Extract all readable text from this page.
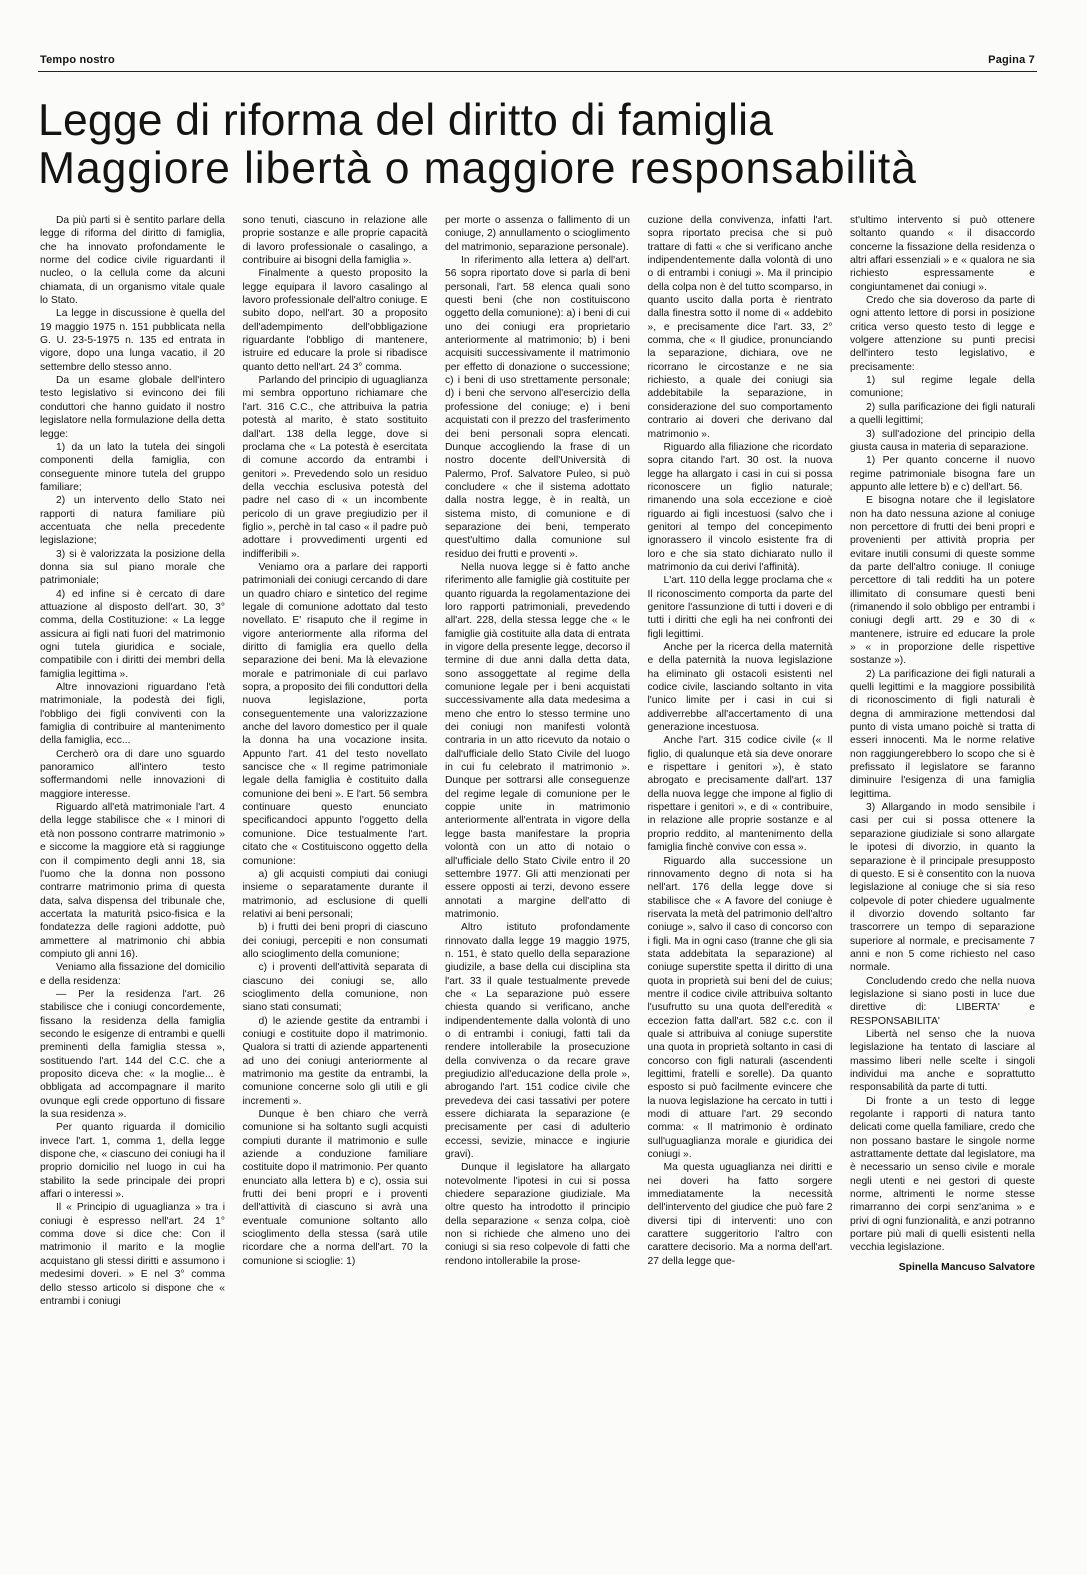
Tempo nostro	Pagina 7
Legge di riforma del diritto di famiglia
Maggiore libertà o maggiore responsabilità

Da più parti si è sentito parlare della legge di riforma del diritto di famiglia, che ha innovato profondamente le norme del codice civile riguardanti il nucleo, o la cellula come da alcuni chiamata, di un organismo vitale quale lo Stato.

La legge in discussione è quella del 19 maggio 1975 n. 151 pubblicata nella G. U. 23-5-1975 n. 135 ed entrata in vigore, dopo una lunga vacatio, il 20 settembre dello stesso anno.

Da un esame globale dell'intero testo legislativo si evincono dei fili conduttori che hanno guidato il nostro legislatore nella formulazione della detta legge:

1) da un lato la tutela dei singoli componenti della famiglia, con conseguente minore tutela del gruppo familiare;

2) un intervento dello Stato nei rapporti di natura familiare più accentuata che nella precedente legislazione;

3) si è valorizzata la posizione della donna sia sul piano morale che patrimoniale;

4) ed infine si è cercato di dare attuazione al disposto dell'art. 30, 3° comma, della Costituzione: « La legge assicura ai figli nati fuori del matrimonio ogni tutela giuridica e sociale, compatibile con i diritti dei membri della famiglia legittima ».

Altre innovazioni riguardano l'età matrimoniale, la podestà dei figli, l'obbligo dei figli conviventi con la famiglia di contribuire al mantenimento della famiglia, ecc...

Cercherò ora di dare uno sguardo panoramico all'intero testo soffermandomi nelle innovazioni di maggiore interesse.

Riguardo all'età matrimoniale l'art. 4 della legge stabilisce che « I minori di età non possono contrarre matrimonio » e siccome la maggiore età si raggiunge con il compimento degli anni 18, sia l'uomo che la donna non possono contrarre matrimonio prima di questa data, salva dispensa del tribunale che, accertata la maturità psico-fisica e la fondatezza delle ragioni addotte, può ammettere al matrimonio chi abbia compiuto gli anni 16).

Veniamo alla fissazione del domicilio e della residenza:

— Per la residenza l'art. 26 stabilisce che i coniugi concordemente, fissano la residenza della famiglia secondo le esigenze di entrambi e quelli preminenti della famiglia stessa », sostituendo l'art. 144 del C.C. che a proposito diceva che: « la moglie... è obbligata ad accompagnare il marito ovunque egli crede opportuno di fissare la sua residenza ».

Per quanto riguarda il domicilio invece l'art. 1, comma 1, della legge dispone che, « ciascuno dei coniugi ha il proprio domicilio nel luogo in cui ha stabilito la sede principale dei propri affari o interessi ».

Il « Principio di uguaglianza » tra i coniugi è espresso nell'art. 24 1° comma dove si dice che: Con il matrimonio il marito e la moglie acquistano gli stessi diritti e assumono i medesimi doveri. » E nel 3° comma dello stesso articolo si dispone che « entrambi i coniugi

sono tenuti, ciascuno in relazione alle proprie sostanze e alle proprie capacità di lavoro professionale o casalingo, a contribuire ai bisogni della famiglia ».

Finalmente a questo proposito la legge equipara il lavoro casalingo al lavoro professionale dell'altro coniuge. E subito dopo, nell'art. 30 a proposito dell'adempimento dell'obbligazione riguardante l'obbligo di mantenere, istruire ed educare la prole si ribadisce quanto detto nell'art. 24 3° comma.

Parlando del principio di uguaglianza mi sembra opportuno richiamare che l'art. 316 C.C., che attribuiva la patria potestà al marito, è stato sostituito dall'art. 138 della legge, dove si proclama che « La potestà è esercitata di comune accordo da entrambi i genitori ». Prevedendo solo un residuo della vecchia esclusiva potestà del padre nel caso di « un incombente pericolo di un grave pregiudizio per il figlio », perchè in tal caso « il padre può adottare i provvedimenti urgenti ed indifferibili ».

Veniamo ora a parlare dei rapporti patrimoniali dei coniugi cercando di dare un quadro chiaro e sintetico del regime legale di comunione adottato dal testo novellato. E' risaputo che il regime in vigore anteriormente alla riforma del diritto di famiglia era quello della separazione dei beni. Ma là elevazione morale e patrimoniale di cui parlavo sopra, a proposito dei fili conduttori della nuova legislazione, porta conseguentemente una valorizzazione anche del lavoro domestico per il quale la donna ha una vocazione insita. Appunto l'art. 41 del testo novellato sancisce che « Il regime patrimoniale legale della famiglia è costituito dalla comunione dei beni ». E l'art. 56 sembra continuare questo enunciato specificandoci appunto l'oggetto della comunione. Dice testualmente l'art. citato che « Costituiscono oggetto della comunione:

a) gli acquisti compiuti dai coniugi insieme o separatamente durante il matrimonio, ad esclusione di quelli relativi ai beni personali;

b) i frutti dei beni propri di ciascuno dei coniugi, percepiti e non consumati allo scioglimento della comunione;

c) i proventi dell'attività separata di ciascuno dei coniugi se, allo scioglimento della comunione, non siano stati consumati;

d) le aziende gestite da entrambi i coniugi e costituite dopo il matrimonio. Qualora si tratti di aziende appartenenti ad uno dei coniugi anteriormente al matrimonio ma gestite da entrambi, la comunione concerne solo gli utili e gli incrementi ».

Dunque è ben chiaro che verrà comunione si ha soltanto sugli acquisti compiuti durante il matrimonio e sulle aziende a conduzione familiare costituite dopo il matrimonio. Per quanto enunciato alla lettera b) e c), ossia sui frutti dei beni propri e i proventi dell'attività di ciascuno si avrà una eventuale comunione soltanto allo scioglimento della stessa (sarà utile ricordare che a norma dell'art. 70 la comunione si scioglie: 1)

per morte o assenza o fallimento di un coniuge, 2) annullamento o scioglimento del matrimonio, separazione personale).

In riferimento alla lettera a) dell'art. 56 sopra riportato dove si parla di beni personali, l'art. 58 elenca quali sono questi beni (che non costituiscono oggetto della comunione): a) i beni di cui uno dei coniugi era proprietario anteriormente al matrimonio; b) i beni acquisiti successivamente il matrimonio per effetto di donazione o successione; c) i beni di uso strettamente personale; d) i beni che servono all'esercizio della professione del coniuge; e) i beni acquistati con il prezzo del trasferimento dei beni personali sopra elencati. Dunque accogliendo la frase di un nostro docente dell'Università di Palermo, Prof. Salvatore Puleo, si può concludere « che il sistema adottato dalla nostra legge, è in realtà, un sistema misto, di comunione e di separazione dei beni, temperato quest'ultimo dalla comunione sul residuo dei frutti e proventi ».

Nella nuova legge si è fatto anche riferimento alle famiglie già costituite per quanto riguarda la regolamentazione dei loro rapporti patrimoniali, prevedendo all'art. 228, della stessa legge che « le famiglie già costituite alla data di entrata in vigore della presente legge, decorso il termine di due anni dalla detta data, sono assoggettate al regime della comunione legale per i beni acquistati successivamente alla data medesima a meno che entro lo stesso termine uno dei coniugi non manifesti volontà contraria in un atto ricevuto da notaio o dall'ufficiale dello Stato Civile del luogo in cui fu celebrato il matrimonio ». Dunque per sottrarsi alle conseguenze del regime legale di comunione per le coppie unite in matrimonio anteriormente all'entrata in vigore della legge basta manifestare la propria volontà con un atto di notaio o all'ufficiale dello Stato Civile entro il 20 settembre 1977. Gli atti menzionati per essere opposti ai terzi, devono essere annotati a margine dell'atto di matrimonio.

Altro istituto profondamente rinnovato dalla legge 19 maggio 1975, n. 151, è stato quello della separazione giudizile, a base della cui disciplina sta l'art. 33 il quale testualmente prevede che « La separazione può essere chiesta quando si verificano, anche indipendentemente dalla volontà di uno o di entrambi i coniugi, fatti tali da rendere intollerabile la prosecuzione della convivenza o da recare grave pregiudizio all'educazione della prole », abrogando l'art. 151 codice civile che prevedeva dei casi tassativi per potere essere dichiarata la separazione (e precisamente per casi di adulterio eccessi, sevizie, minacce e ingiurie gravi).

Dunque il legislatore ha allargato notevolmente l'ipotesi in cui si possa chiedere separazione giudiziale. Ma oltre questo ha introdotto il principio della separazione « senza colpa, cioè non si richiede che almeno uno dei coniugi si sia reso colpevole di fatti che rendono intollerabile la prose-

cuzione della convivenza, infatti l'art. sopra riportato precisa che si può trattare di fatti « che si verificano anche indipendentemente dalla volontà di uno o di entrambi i coniugi ». Ma il principio della colpa non è del tutto scomparso, in quanto uscito dalla porta è rientrato dalla finestra sotto il nome di « addebito », e precisamente dice l'art. 33, 2° comma, che « Il giudice, pronunciando la separazione, dichiara, ove ne ricorrano le circostanze e ne sia richiesto, a quale dei coniugi sia addebitabile la separazione, in considerazione del suo comportamento contrario ai doveri che derivano dal matrimonio ».

Riguardo alla filiazione che ricordato sopra citando l'art. 30 ost. la nuova legge ha allargato i casi in cui si possa riconoscere un figlio naturale; rimanendo una sola eccezione e cioè riguardo ai figli incestuosi (salvo che i genitori al tempo del concepimento ignorassero il vincolo esistente fra di loro e che sia stato dichiarato nullo il matrimonio da cui derivi l'affinità).

L'art. 110 della legge proclama che « Il riconoscimento comporta da parte del genitore l'assunzione di tutti i doveri e di tutti i diritti che egli ha nei confronti dei figli legittimi.

Anche per la ricerca della maternità e della paternità la nuova legislazione ha eliminato gli ostacoli esistenti nel codice civile, lasciando soltanto in vita l'unico limite per i casi in cui si addiverrebbe all'accertamento di una generazione incestuosa.

Anche l'art. 315 codice civile (« Il figlio, di qualunque età sia deve onorare e rispettare i genitori »), è stato abrogato e precisamente dall'art. 137 della nuova legge che impone al figlio di rispettare i genitori », e di « contribuire, in relazione alle proprie sostanze e al proprio reddito, al mantenimento della famiglia finchè convive con essa ».

Riguardo alla successione un rinnovamento degno di nota si ha nell'art. 176 della legge dove si stabilisce che « A favore del coniuge è riservata la metà del patrimonio dell'altro coniuge », salvo il caso di concorso con i figli. Ma in ogni caso (tranne che gli sia stata addebitata la separazione) al coniuge superstite spetta il diritto di una quota in proprietà sui beni del de cuius; mentre il codice civile attribuiva soltanto l'usufrutto su una quota dell'eredità « eccezion fatta dall'art. 582 c.c. con il quale si attribuiva al coniuge superstite una quota in proprietà soltanto in casi di concorso con figli naturali (ascendenti legittimi, fratelli e sorelle). Da quanto esposto si può facilmente evincere che la nuova legislazione ha cercato in tutti i modi di attuare l'art. 29 secondo comma: « Il matrimonio è ordinato sull'uguaglianza morale e giuridica dei coniugi ».

Ma questa uguaglianza nei diritti e nei doveri ha fatto sorgere immediatamente la necessità dell'intervento del giudice che può fare 2 diversi tipi di interventi: uno con carattere suggeritorio l'altro con carattere decisorio. Ma a norma dell'art. 27 della legge que-

st'ultimo intervento si può ottenere soltanto quando « il disaccordo concerne la fissazione della residenza o altri affari essenziali » e « qualora ne sia richiesto espressamente e congiuntamenet dai coniugi ».

Credo che sia doveroso da parte di ogni attento lettore di porsi in posizione critica verso questo testo di legge e volgere attenzione su punti precisi dell'intero testo legislativo, e precisamente:

1) sul regime legale della comunione;

2) sulla parificazione dei figli naturali a quelli legittimi;

3) sull'adozione del principio della giusta causa in materia di separazione.

1) Per quanto concerne il nuovo regime patrimoniale bisogna fare un appunto alle lettere b) e c) dell'art. 56.

E bisogna notare che il legislatore non ha dato nessuna azione al coniuge non percettore di frutti dei beni propri e provenienti per attività propria per evitare inutili consumi di queste somme da parte dell'altro coniuge. Il coniuge percettore di tali redditi ha un potere illimitato di consumare questi beni (rimanendo il solo obbligo per entrambi i coniugi degli artt. 29 e 30 di « mantenere, istruire ed educare la prole » « in proporzione delle rispettive sostanze »).

2) La parificazione dei figli naturali a quelli legittimi e la maggiore possibilità di riconoscimento di figli naturali è degna di ammirazione mettendosi dal punto di vista umano poichè si tratta di esseri innocenti. Ma le norme relative non raggiungerebbero lo scopo che si è prefissato il legislatore se faranno diminuire l'esigenza di una famiglia legittima.

3) Allargando in modo sensibile i casi per cui si possa ottenere la separazione giudiziale si sono allargate le ipotesi di divorzio, in quanto la separazione è il principale presupposto di questo. E si è consentito con la nuova legislazione al coniuge che si sia reso colpevole di poter chiedere ugualmente il divorzio dovendo soltanto far trascorrere un tempo di separazione superiore al normale, e precisamente 7 anni e non 5 come richiesto nel caso normale.

Concludendo credo che nella nuova legislazione si siano posti in luce due direttive di: LIBERTA' e RESPONSABILITA'

Libertà nel senso che la nuova legislazione ha tentato di lasciare al massimo liberi nelle scelte i singoli individui ma anche e soprattutto responsabilità da parte di tutti.

Di fronte a un testo di legge regolante i rapporti di natura tanto delicati come quella familiare, credo che non possano bastare le singole norme astrattamente dettate dal legislatore, ma è necessario un senso civile e morale negli utenti e nei gestori di queste norme, altrimenti le norme stesse rimarranno dei corpi senz'anima » e privi di ogni funzionalità, e anzi potranno portare più mali di quelli esistenti nella vecchia legislazione.

Spinella Mancuso Salvatore
